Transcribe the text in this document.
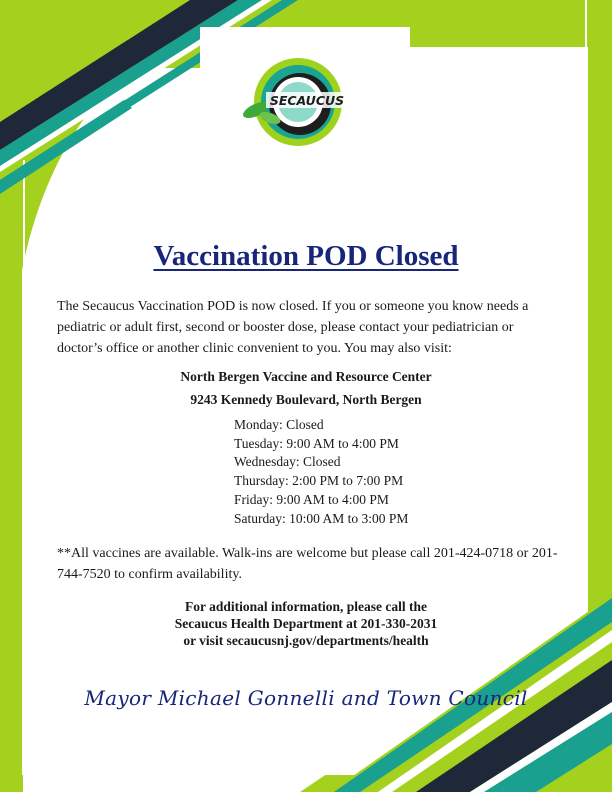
SECAUCUS
Vaccination POD Closed
The Secaucus Vaccination POD is now closed. If you or someone you know needs a pediatric or adult first, second or booster dose, please contact your pediatrician or doctor’s office or another clinic convenient to you. You may also visit:
North Bergen Vaccine and Resource Center
9243 Kennedy Boulevard, North Bergen
Monday: Closed
Tuesday: 9:00 AM to 4:00 PM
Wednesday: Closed
Thursday: 2:00 PM to 7:00 PM
Friday: 9:00 AM to 4:00 PM
Saturday: 10:00 AM to 3:00 PM
**All vaccines are available. Walk-ins are welcome but please call 201-424-0718 or 201-744-7520 to confirm availability.
For additional information, please call the
Secaucus Health Department at 201-330-2031
or visit secaucusnj.gov/departments/health
Mayor Michael Gonnelli and Town Council
